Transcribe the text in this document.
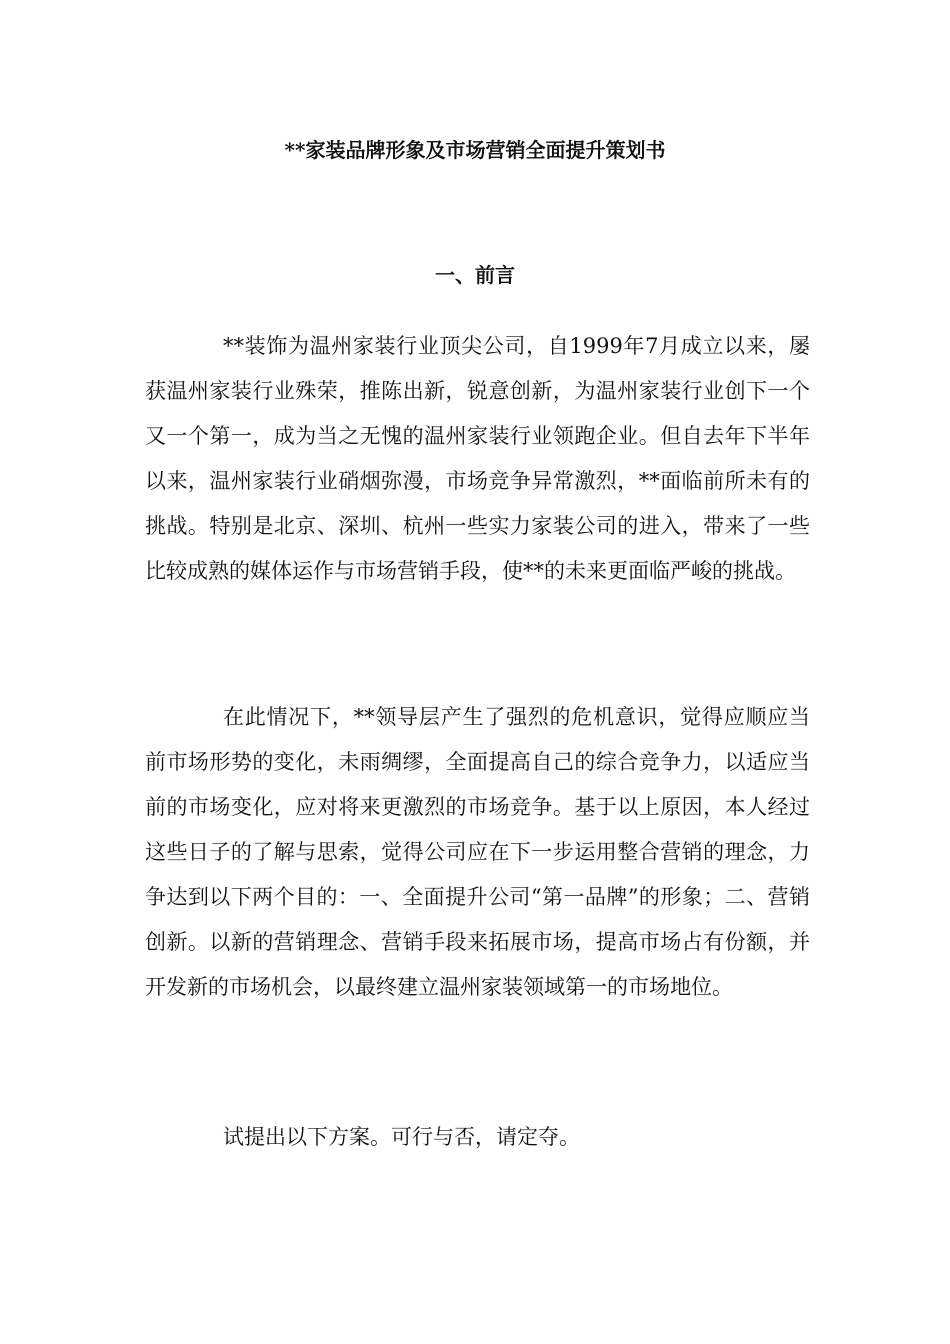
**家装品牌形象及市场营销全面提升策划书
一、前言

**装饰为温州家装行业顶尖公司，自1999年7月成立以来，屡获温州家装行业殊荣，推陈出新，锐意创新，为温州家装行业创下一个又一个第一，成为当之无愧的温州家装行业领跑企业。但自去年下半年以来，温州家装行业硝烟弥漫，市场竞争异常激烈，**面临前所未有的挑战。特别是北京、深圳、杭州一些实力家装公司的进入，带来了一些比较成熟的媒体运作与市场营销手段，使**的未来更面临严峻的挑战。

在此情况下，**领导层产生了强烈的危机意识，觉得应顺应当前市场形势的变化，未雨绸缪，全面提高自己的综合竞争力，以适应当前的市场变化，应对将来更激烈的市场竞争。基于以上原因，本人经过这些日子的了解与思索，觉得公司应在下一步运用整合营销的理念，力争达到以下两个目的：一、全面提升公司“第一品牌”的形象；二、营销创新。以新的营销理念、营销手段来拓展市场，提高市场占有份额，并开发新的市场机会，以最终建立温州家装领域第一的市场地位。

试提出以下方案。可行与否，请定夺。
